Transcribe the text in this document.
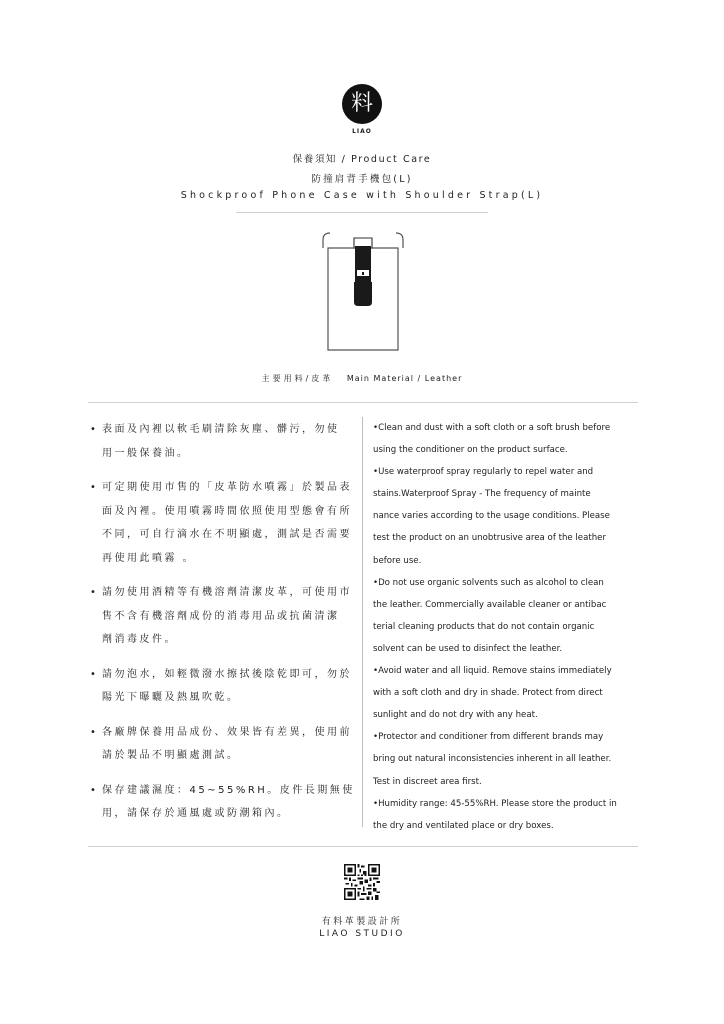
料
LIAO
保養須知 / Product Care
防撞肩背手機包(L)
Shockproof Phone Case with Shoulder Strap(L)
主要用料/皮革 Main Material / Leather
• 表面及內裡以軟毛刷清除灰塵、髒污，勿使
用一般保養油。
• 可定期使用市售的「皮革防水噴霧」於製品表
面及內裡。使用噴霧時間依照使用型態會有所
不同，可自行滴水在不明顯處，測試是否需要
再使用此噴霧 。
• 請勿使用酒精等有機溶劑清潔皮革，可使用市
售不含有機溶劑成份的消毒用品或抗菌清潔
劑消毒皮件。
• 請勿泡水，如輕微潑水擦拭後陰乾即可，勿於
陽光下曝曬及熱風吹乾。
• 各廠牌保養用品成份、效果皆有差異，使用前
請於製品不明顯處測試。
• 保存建議濕度：45~55%RH。皮件長期無使
用，請保存於通風處或防潮箱內。
•Clean and dust with a soft cloth or a soft brush before
using the conditioner on the product surface.
•Use waterproof spray regularly to repel water and
stains.Waterproof Spray - The frequency of mainte
nance varies according to the usage conditions. Please
test the product on an unobtrusive area of the leather
before use.
•Do not use organic solvents such as alcohol to clean
the leather. Commercially available cleaner or antibac
terial cleaning products that do not contain organic
solvent can be used to disinfect the leather.
•Avoid water and all liquid. Remove stains immediately
with a soft cloth and dry in shade. Protect from direct
sunlight and do not dry with any heat.
•Protector and conditioner from different brands may
bring out natural inconsistencies inherent in all leather.
Test in discreet area first.
•Humidity range: 45-55%RH. Please store the product in
the dry and ventilated place or dry boxes.
有料革製設計所
LIAO STUDIO
